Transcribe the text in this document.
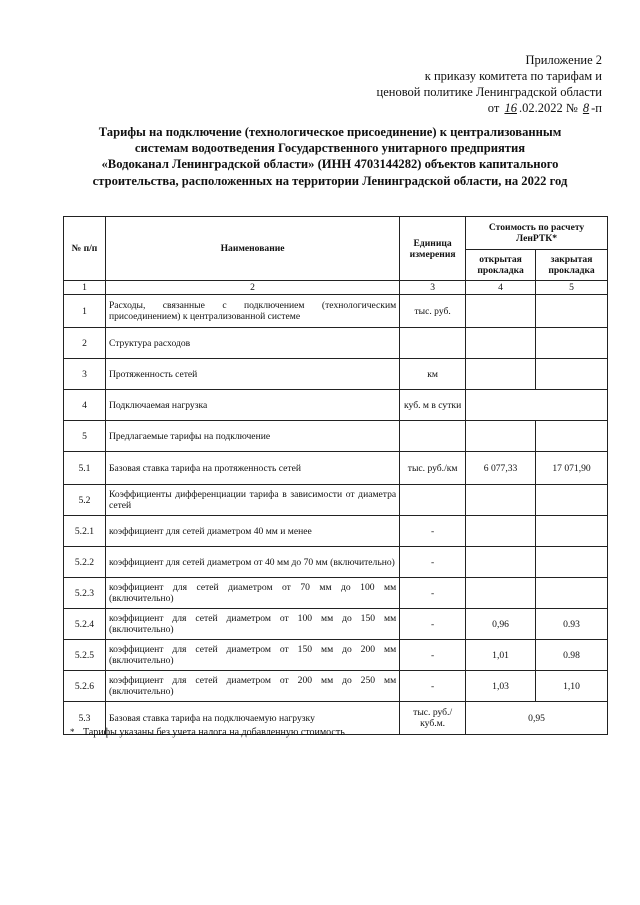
Приложение 2
к приказу комитета по тарифам и
ценовой политике Ленинградской области
от 16 .02.2022 № 8 -п
Тарифы на подключение (технологическое присоединение) к централизованным
системам водоотведения Государственного унитарного предприятия
«Водоканал Ленинградской области» (ИНН 4703144282) объектов капитального
строительства, расположенных на территории Ленинградской области, на 2022 год
№ п/п	Наименование	Единица измерения	Стоимость по расчету ЛенРТК*	
			открытая прокладка	закрытая прокладка
1	2	3	4	5
1	Расходы, связанные с подключением (технологическим присоединением) к централизованной системе	тыс. руб.		
2	Структура расходов			
3	Протяженность сетей	км		
4	Подключаемая нагрузка	куб. м в сутки		
5	Предлагаемые тарифы на подключение			
5.1	Базовая ставка тарифа на протяженность сетей	тыс. руб./км	6 077,33	17 071,90
5.2	Коэффициенты дифференциации тарифа в зависимости от диаметра сетей			
5.2.1	коэффициент для сетей диаметром 40 мм и менее	-		
5.2.2	коэффициент для сетей диаметром от 40 мм до 70 мм (включительно)	-		
5.2.3	коэффициент для сетей диаметром от 70 мм до 100 мм (включительно)	-		
5.2.4	коэффициент для сетей диаметром от 100 мм до 150 мм (включительно)	-	0,96	0.93
5.2.5	коэффициент для сетей диаметром от 150 мм до 200 мм (включительно)	-	1,01	0.98
5.2.6	коэффициент для сетей диаметром от 200 мм до 250 мм (включительно)	-	1,03	1,10
5.3	Базовая ставка тарифа на подключаемую нагрузку	тыс. руб./куб.м.	0,95	
* Тарифы указаны без учета налога на добавленную стоимость
